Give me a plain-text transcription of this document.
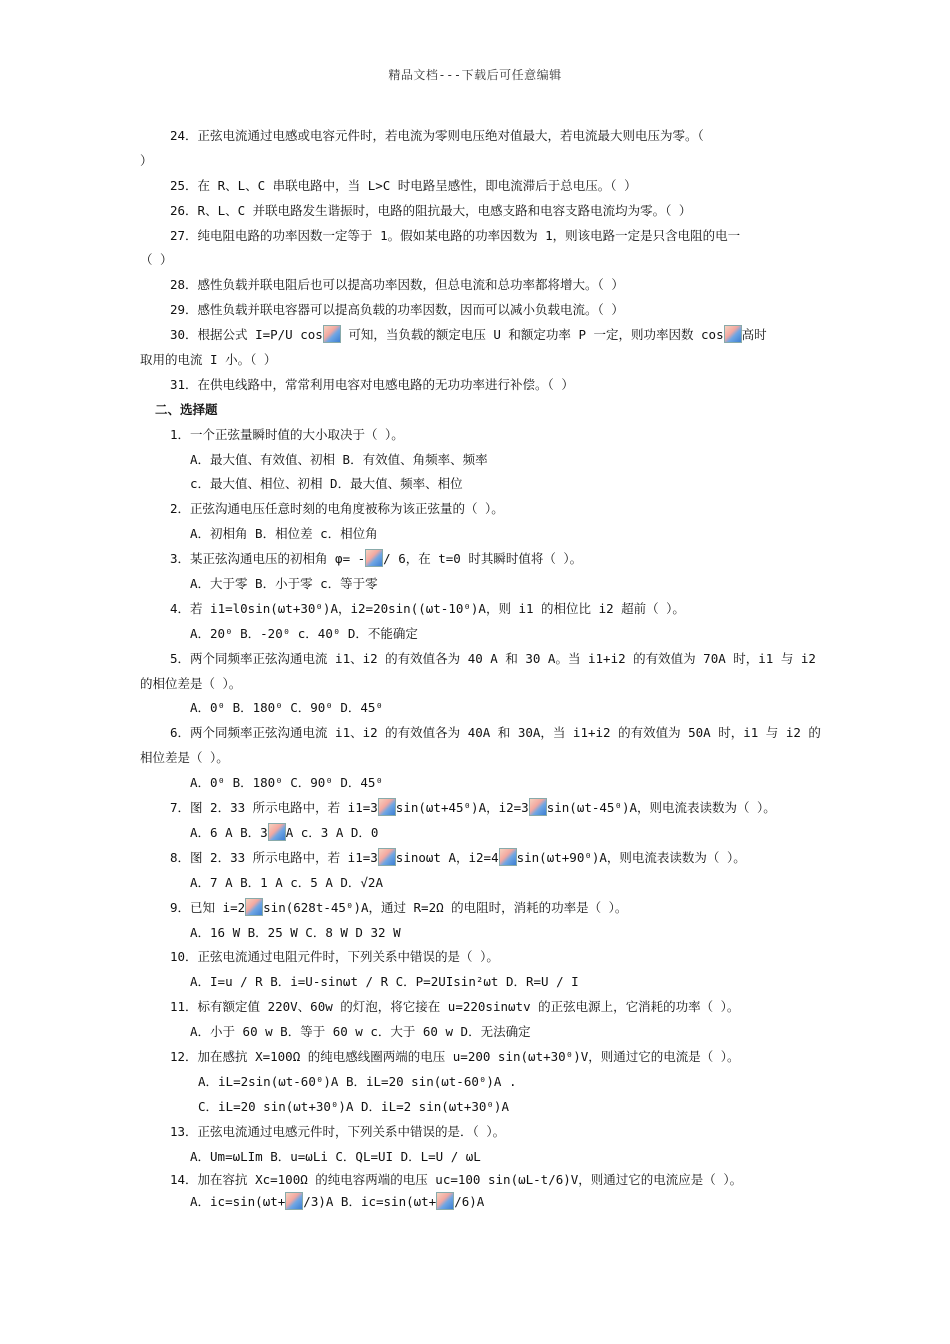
精品文档---下载后可任意编辑
24．正弦电流通过电感或电容元件时，若电流为零则电压绝对值最大，若电流最大则电压为零。（
）
25．在 R、L、C 串联电路中，当 L>C 时电路呈感性，即电流滞后于总电压。（ ）
26．R、L、C 并联电路发生谐振时，电路的阻抗最大，电感支路和电容支路电流均为零。（ ）
27．纯电阻电路的功率因数一定等于 1。假如某电路的功率因数为 1，则该电路一定是只含电阻的电一
（ ）
28．感性负载并联电阻后也可以提高功率因数，但总电流和总功率都将增大。（ ）
29．感性负载并联电容器可以提高负载的功率因数，因而可以减小负载电流。（ ）
30．根据公式 I=P/U cos 可知，当负载的额定电压 U 和额定功率 P 一定，则功率因数 cos 高时
取用的电流 I 小。（ ）
31．在供电线路中，常常利用电容对电感电路的无功功率进行补偿。（ ）
二、选择题
1．一个正弦量瞬时值的大小取决于（ ）。
A．最大值、有效值、初相 B．有效值、角频率、频率
c．最大值、相位、初相 D．最大值、频率、相位
2．正弦沟通电压任意时刻的电角度被称为该正弦量的（ ）。
A．初相角 B．相位差 c．相位角
3．某正弦沟通电压的初相角 φ= - / 6，在 t=0 时其瞬时值将（ ）。
A．大于零 B．小于零 c．等于零
4．若 i1=l0sin(ωt+30⁰)A，i2=20sin((ωt-10⁰)A，则 i1 的相位比 i2 超前（ ）。
A．20⁰ B．-20⁰ c．40⁰ D．不能确定
5．两个同频率正弦沟通电流 i1、i2 的有效值各为 40 A 和 30 A。当 i1+i2 的有效值为 70A 时，i1 与 i2
的相位差是（ ）。
A．0⁰ B．180⁰ C．90⁰ D．45⁰
6．两个同频率正弦沟通电流 i1、i2 的有效值各为 40A 和 30A，当 i1+i2 的有效值为 50A 时，i1 与 i2 的
相位差是（ ）。
A．0⁰ B．180⁰ C．90⁰ D．45⁰
7．图 2．33 所示电路中，若 i1=3 sin(ωt+45⁰)A，i2=3 sin(ωt-45⁰)A，则电流表读数为（ ）。
A．6 A B．3 A c．3 A D．0
8．图 2．33 所示电路中，若 i1=3 sinoωt A，i2=4 sin(ωt+90⁰)A，则电流表读数为（ ）。
A．7 A B．1 A c．5 A D．√2A
9．已知 i=2 sin(628t-45⁰)A，通过 R=2Ω 的电阻时，消耗的功率是（ ）。
A．16 W B．25 W C．8 W D 32 W
10．正弦电流通过电阻元件时，下列关系中错误的是（ ）。
A．I=u / R B．i=U-sinωt / R C．P=2UIsin²ωt D．R=U / I
11．标有额定值 220V、60w 的灯泡，将它接在 u=220sinωtv 的正弦电源上，它消耗的功率（ ）。
A．小于 60 w B．等于 60 w c．大于 60 w D．无法确定
12．加在感抗 X=100Ω 的纯电感线圈两端的电压 u=200 sin(ωt+30⁰)V，则通过它的电流是（ ）。
A．iL=2sin(ωt-60⁰)A B．iL=20 sin(ωt-60⁰)A .
C．iL=20 sin(ωt+30⁰)A D．iL=2 sin(ωt+30⁰)A
13．正弦电流通过电感元件时，下列关系中错误的是．（ ）。
A．Um=ωLIm B．u=ωLi C．QL=UI D．L=U / ωL
14．加在容抗 Xc=100Ω 的纯电容两端的电压 uc=100 sin(ωL-t/6)V，则通过它的电流应是（ ）。
A．ic=sin(ωt+ /3)A B．ic=sin(ωt+ /6)A
